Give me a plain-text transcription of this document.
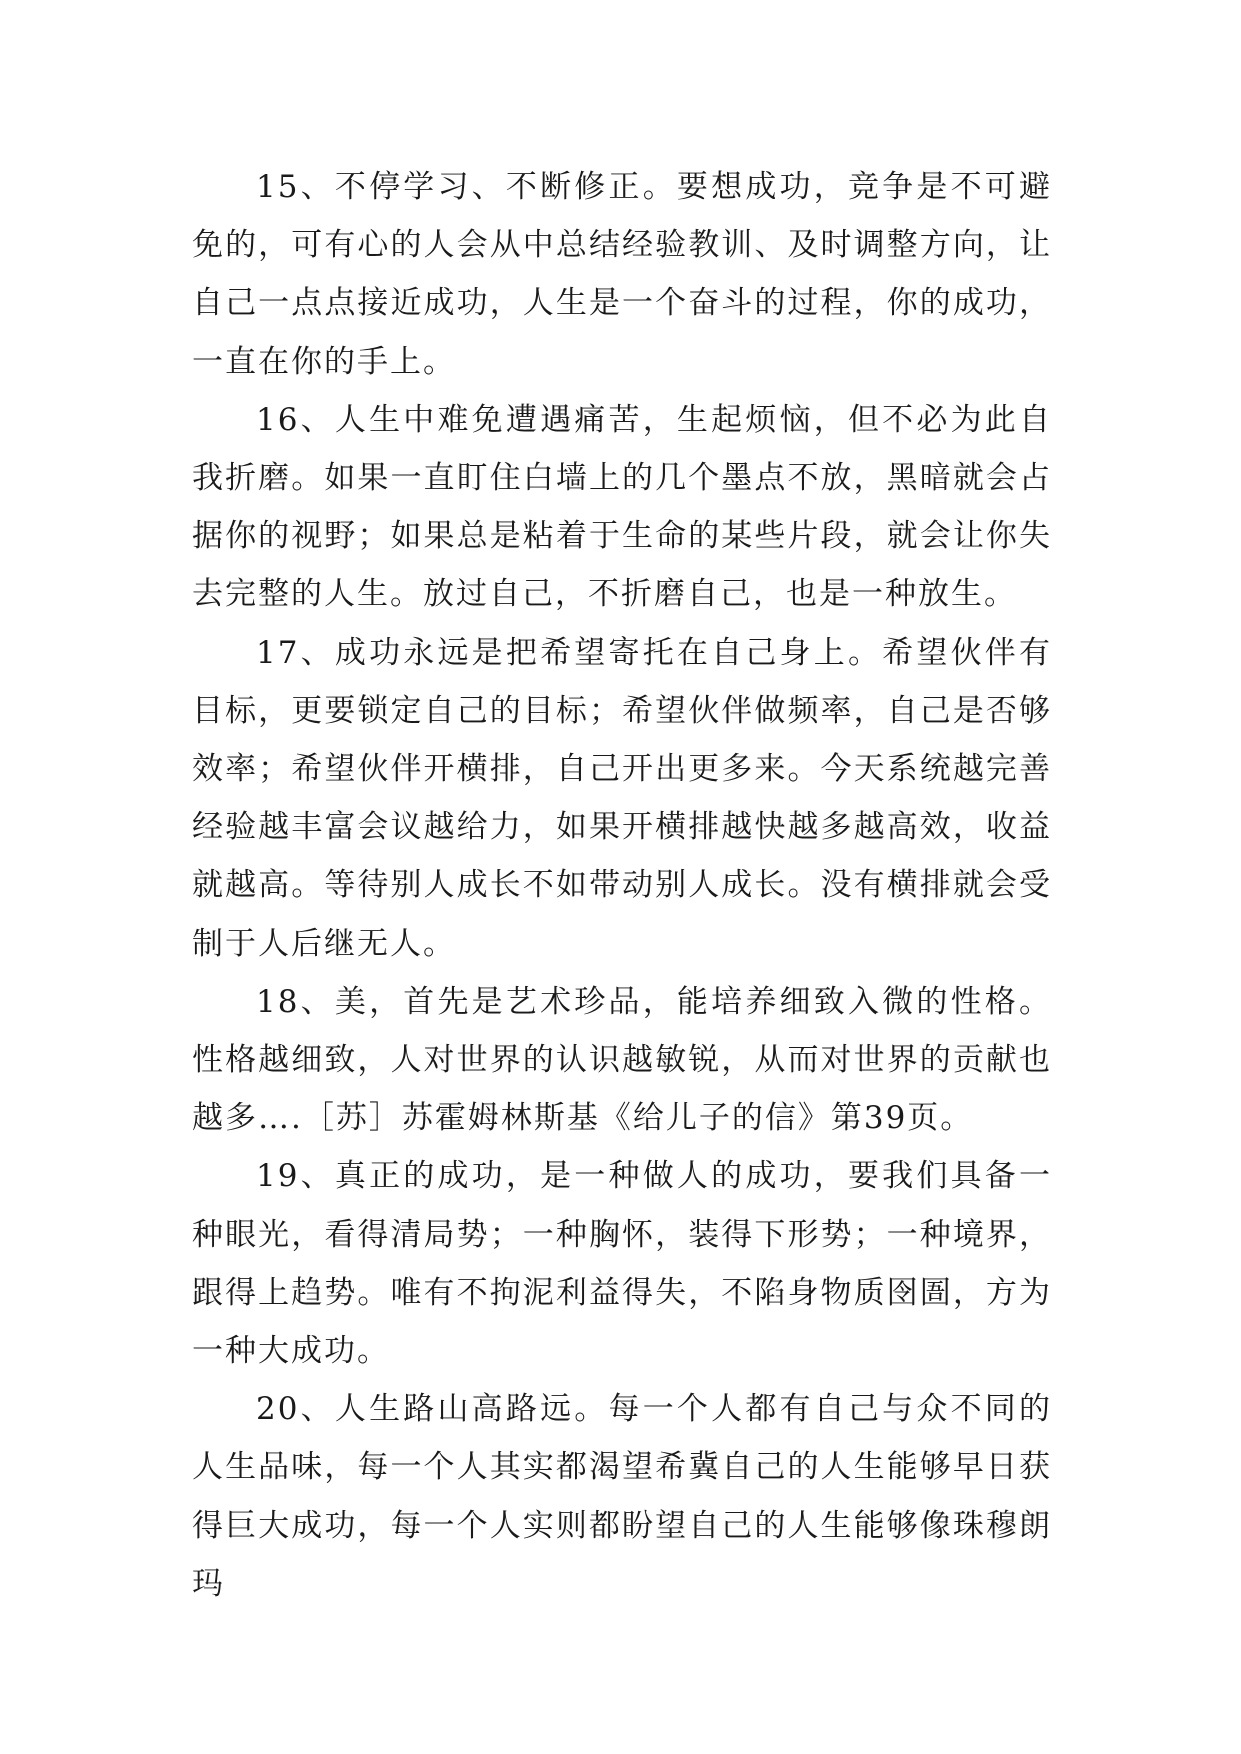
15、不停学习、不断修正。要想成功，竞争是不可避免的，可有心的人会从中总结经验教训、及时调整方向，让自己一点点接近成功，人生是一个奋斗的过程，你的成功，一直在你的手上。

16、人生中难免遭遇痛苦，生起烦恼，但不必为此自我折磨。如果一直盯住白墙上的几个墨点不放，黑暗就会占据你的视野；如果总是粘着于生命的某些片段，就会让你失去完整的人生。放过自己，不折磨自己，也是一种放生。

17、成功永远是把希望寄托在自己身上。希望伙伴有目标，更要锁定自己的目标；希望伙伴做频率，自己是否够效率；希望伙伴开横排，自己开出更多来。今天系统越完善经验越丰富会议越给力，如果开横排越快越多越高效，收益就越高。等待别人成长不如带动别人成长。没有横排就会受制于人后继无人。

18、美，首先是艺术珍品，能培养细致入微的性格。性格越细致，人对世界的认识越敏锐，从而对世界的贡献也越多….［苏］苏霍姆林斯基《给儿子的信》第39页。

19、真正的成功，是一种做人的成功，要我们具备一种眼光，看得清局势；一种胸怀，装得下形势；一种境界，跟得上趋势。唯有不拘泥利益得失，不陷身物质囹圄，方为一种大成功。

20、人生路山高路远。每一个人都有自己与众不同的人生品味，每一个人其实都渴望希冀自己的人生能够早日获得巨大成功，每一个人实则都盼望自己的人生能够像珠穆朗玛
